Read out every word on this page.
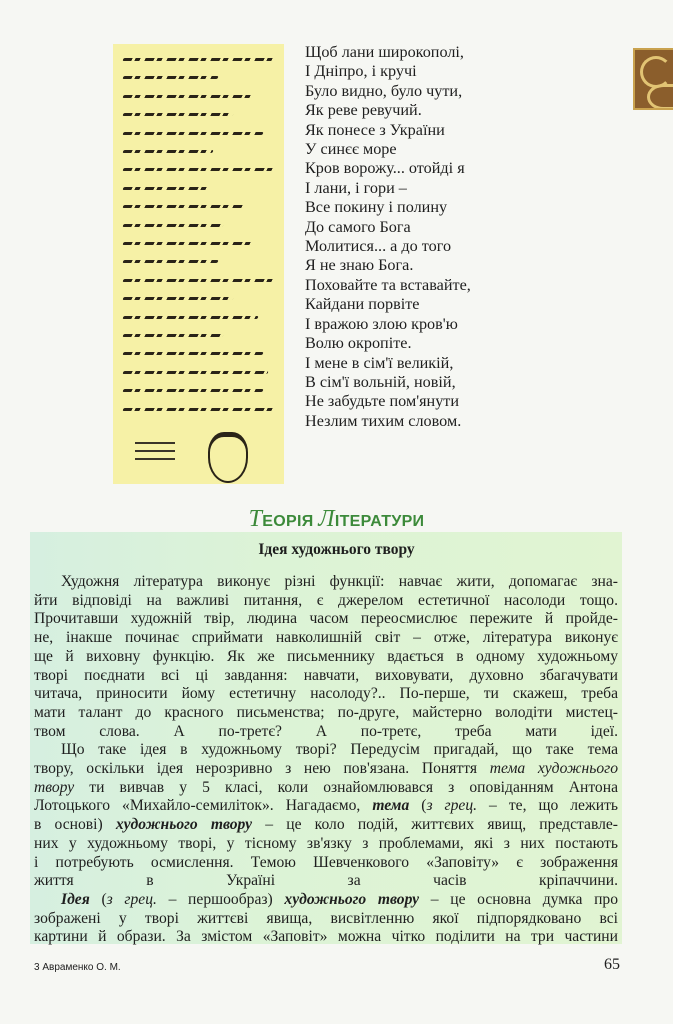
Щоб лани широкополі,
І Дніпро, і кручі
Було видно, було чути,
Як реве ревучий.
Як понесе з України
У синєє море
Кров ворожу... отойді я
І лани, і гори –
Все покину і полину
До самого Бога
Молитися... а до того
Я не знаю Бога.
Поховайте та вставайте,
Кайдани порвіте
І вражою злою кров'ю
Волю окропіте.
І мене в сім'ї великій,
В сім'ї вольній, новій,
Не забудьте пом'янути
Незлим тихим словом.
ТЕОРІЯ ЛІТЕРАТУРИ
Ідея художнього твору
Художня література виконує різні функції: навчає жити, допомагає зна-
йти відповіді на важливі питання, є джерелом естетичної насолоди тощо.
Прочитавши художній твір, людина часом переосмислює пережите й пройде-
не, інакше починає сприймати навколишній світ – отже, література виконує
ще й виховну функцію. Як же письменнику вдається в одному художньому
творі поєднати всі ці завдання: навчати, виховувати, духовно збагачувати
читача, приносити йому естетичну насолоду?.. По-перше, ти скажеш, треба
мати талант до красного письменства; по-друге, майстерно володіти мистец-
твом слова. А по-третє? А по-третє, треба мати ідеї.
Що таке ідея в художньому творі? Передусім пригадай, що таке тема
твору, оскільки ідея нерозривно з нею пов'язана. Поняття тема художнього
твору ти вивчав у 5 класі, коли ознайомлювався з оповіданням Антона
Лотоцького «Михайло-семиліток». Нагадаємо, тема (з грец. – те, що лежить
в основі) художнього твору – це коло подій, життєвих явищ, представле-
них у художньому творі, у тісному зв'язку з проблемами, які з них постають
і потребують осмислення. Темою Шевченкового «Заповіту» є зображення
життя в Україні за часів кріпаччини.
Ідея (з грец. – першообраз) художнього твору – це основна думка про
зображені у творі життєві явища, висвітленню якої підпорядковано всі
картини й образи. За змістом «Заповіт» можна чітко поділити на три частини
3 Авраменко О. М.	65
